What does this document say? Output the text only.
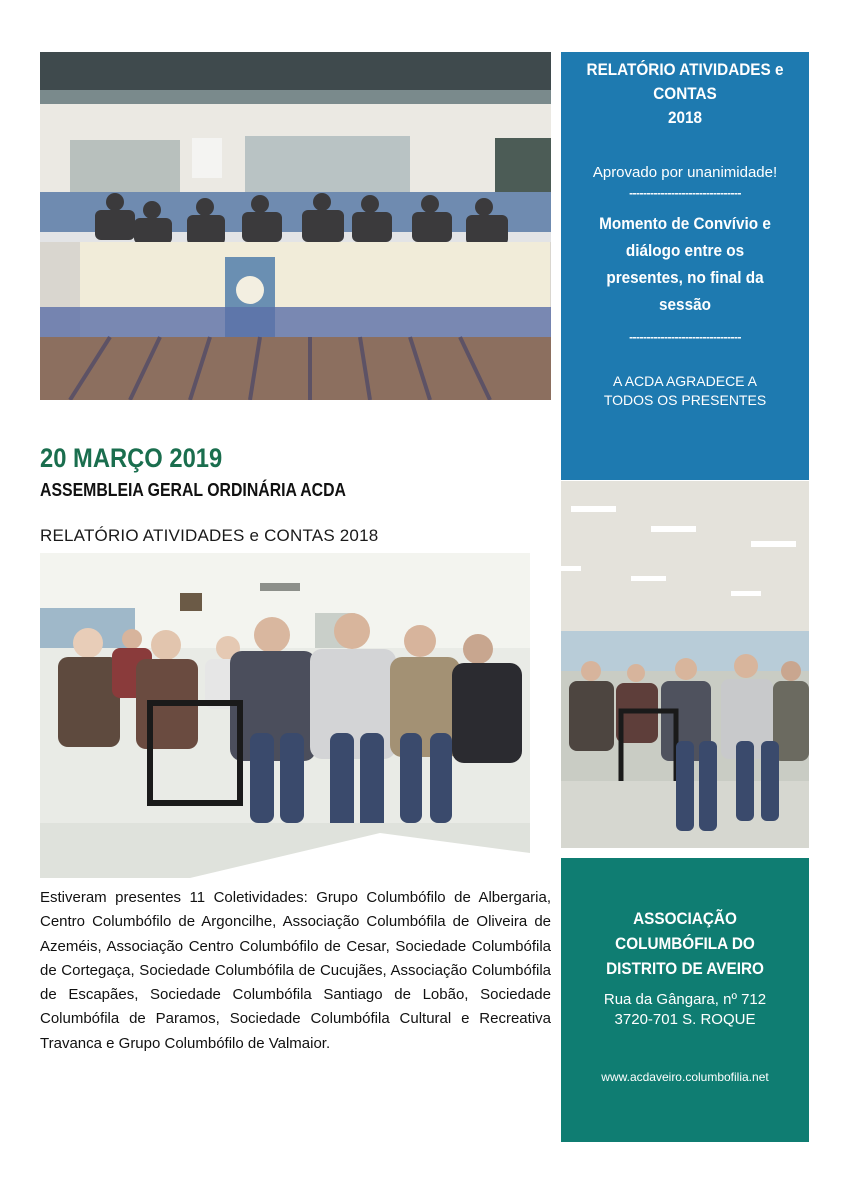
RELATÓRIO ATIVIDADES e
CONTAS
2018
Aprovado por unanimidade!
--------------------------------
Momento de Convívio e
diálogo entre os
presentes, no final da
sessão
--------------------------------
A ACDA AGRADECE A
TODOS OS PRESENTES
20 MARÇO 2019
ASSEMBLEIA GERAL ORDINÁRIA ACDA
RELATÓRIO ATIVIDADES e CONTAS 2018
Estiveram presentes 11 Coletividades: Grupo Columbófilo de Albergaria, Centro Columbófilo de Argoncilhe, Associação Columbófila de Oliveira de Azeméis, Associação Centro Columbófilo de Cesar, Sociedade Columbófila de Cortegaça, Sociedade Columbófila de Cucujães, Associação Columbófila de Escapães, Sociedade Columbófila Santiago de Lobão, Sociedade Columbófila de Paramos, Sociedade Columbófila Cultural e Recreativa Travanca e Grupo Columbófilo de Valmaior.
ASSOCIAÇÃO
COLUMBÓFILA DO
DISTRITO DE AVEIRO
Rua da Gângara, nº 712
3720-701 S. ROQUE
www.acdaveiro.columbofilia.net
